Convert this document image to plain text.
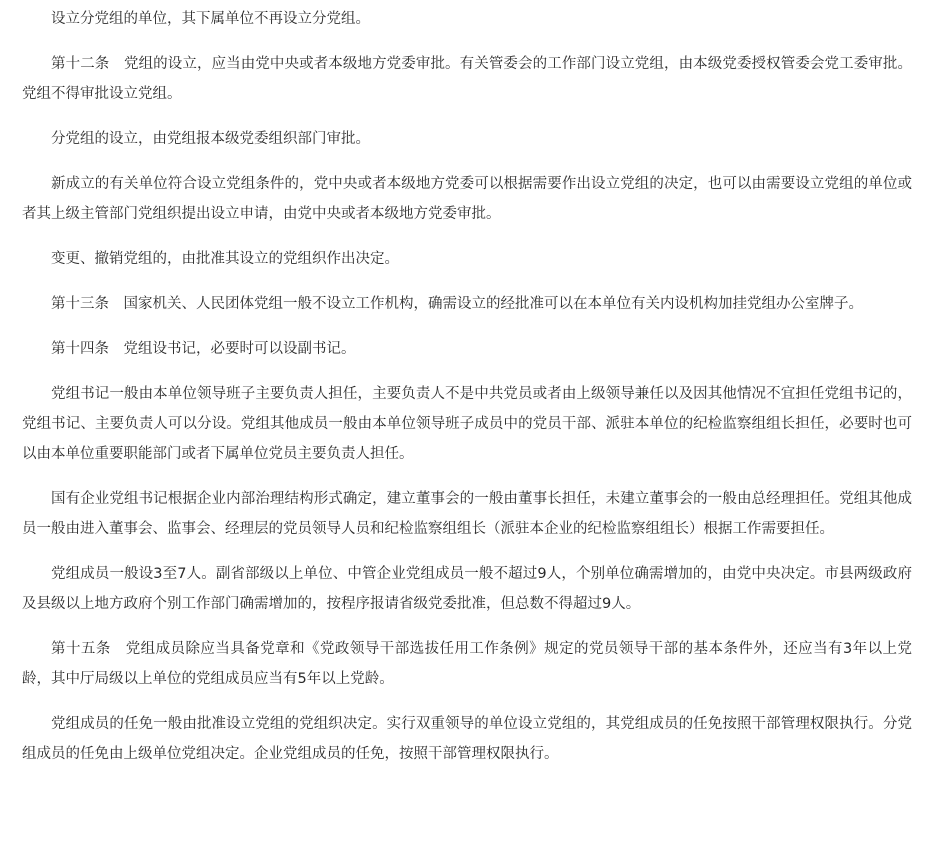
设立分党组的单位，其下属单位不再设立分党组。

第十二条　党组的设立，应当由党中央或者本级地方党委审批。有关管委会的工作部门设立党组，由本级党委授权管委会党工委审批。党组不得审批设立党组。

分党组的设立，由党组报本级党委组织部门审批。

新成立的有关单位符合设立党组条件的，党中央或者本级地方党委可以根据需要作出设立党组的决定，也可以由需要设立党组的单位或者其上级主管部门党组织提出设立申请，由党中央或者本级地方党委审批。

变更、撤销党组的，由批准其设立的党组织作出决定。

第十三条　国家机关、人民团体党组一般不设立工作机构，确需设立的经批准可以在本单位有关内设机构加挂党组办公室牌子。

第十四条　党组设书记，必要时可以设副书记。

党组书记一般由本单位领导班子主要负责人担任，主要负责人不是中共党员或者由上级领导兼任以及因其他情况不宜担任党组书记的，党组书记、主要负责人可以分设。党组其他成员一般由本单位领导班子成员中的党员干部、派驻本单位的纪检监察组组长担任，必要时也可以由本单位重要职能部门或者下属单位党员主要负责人担任。

国有企业党组书记根据企业内部治理结构形式确定，建立董事会的一般由董事长担任，未建立董事会的一般由总经理担任。党组其他成员一般由进入董事会、监事会、经理层的党员领导人员和纪检监察组组长（派驻本企业的纪检监察组组长）根据工作需要担任。

党组成员一般设3至7人。副省部级以上单位、中管企业党组成员一般不超过9人，个别单位确需增加的，由党中央决定。市县两级政府及县级以上地方政府个别工作部门确需增加的，按程序报请省级党委批准，但总数不得超过9人。

第十五条　党组成员除应当具备党章和《党政领导干部选拔任用工作条例》规定的党员领导干部的基本条件外，还应当有3年以上党龄，其中厅局级以上单位的党组成员应当有5年以上党龄。

党组成员的任免一般由批准设立党组的党组织决定。实行双重领导的单位设立党组的，其党组成员的任免按照干部管理权限执行。分党组成员的任免由上级单位党组决定。企业党组成员的任免，按照干部管理权限执行。
